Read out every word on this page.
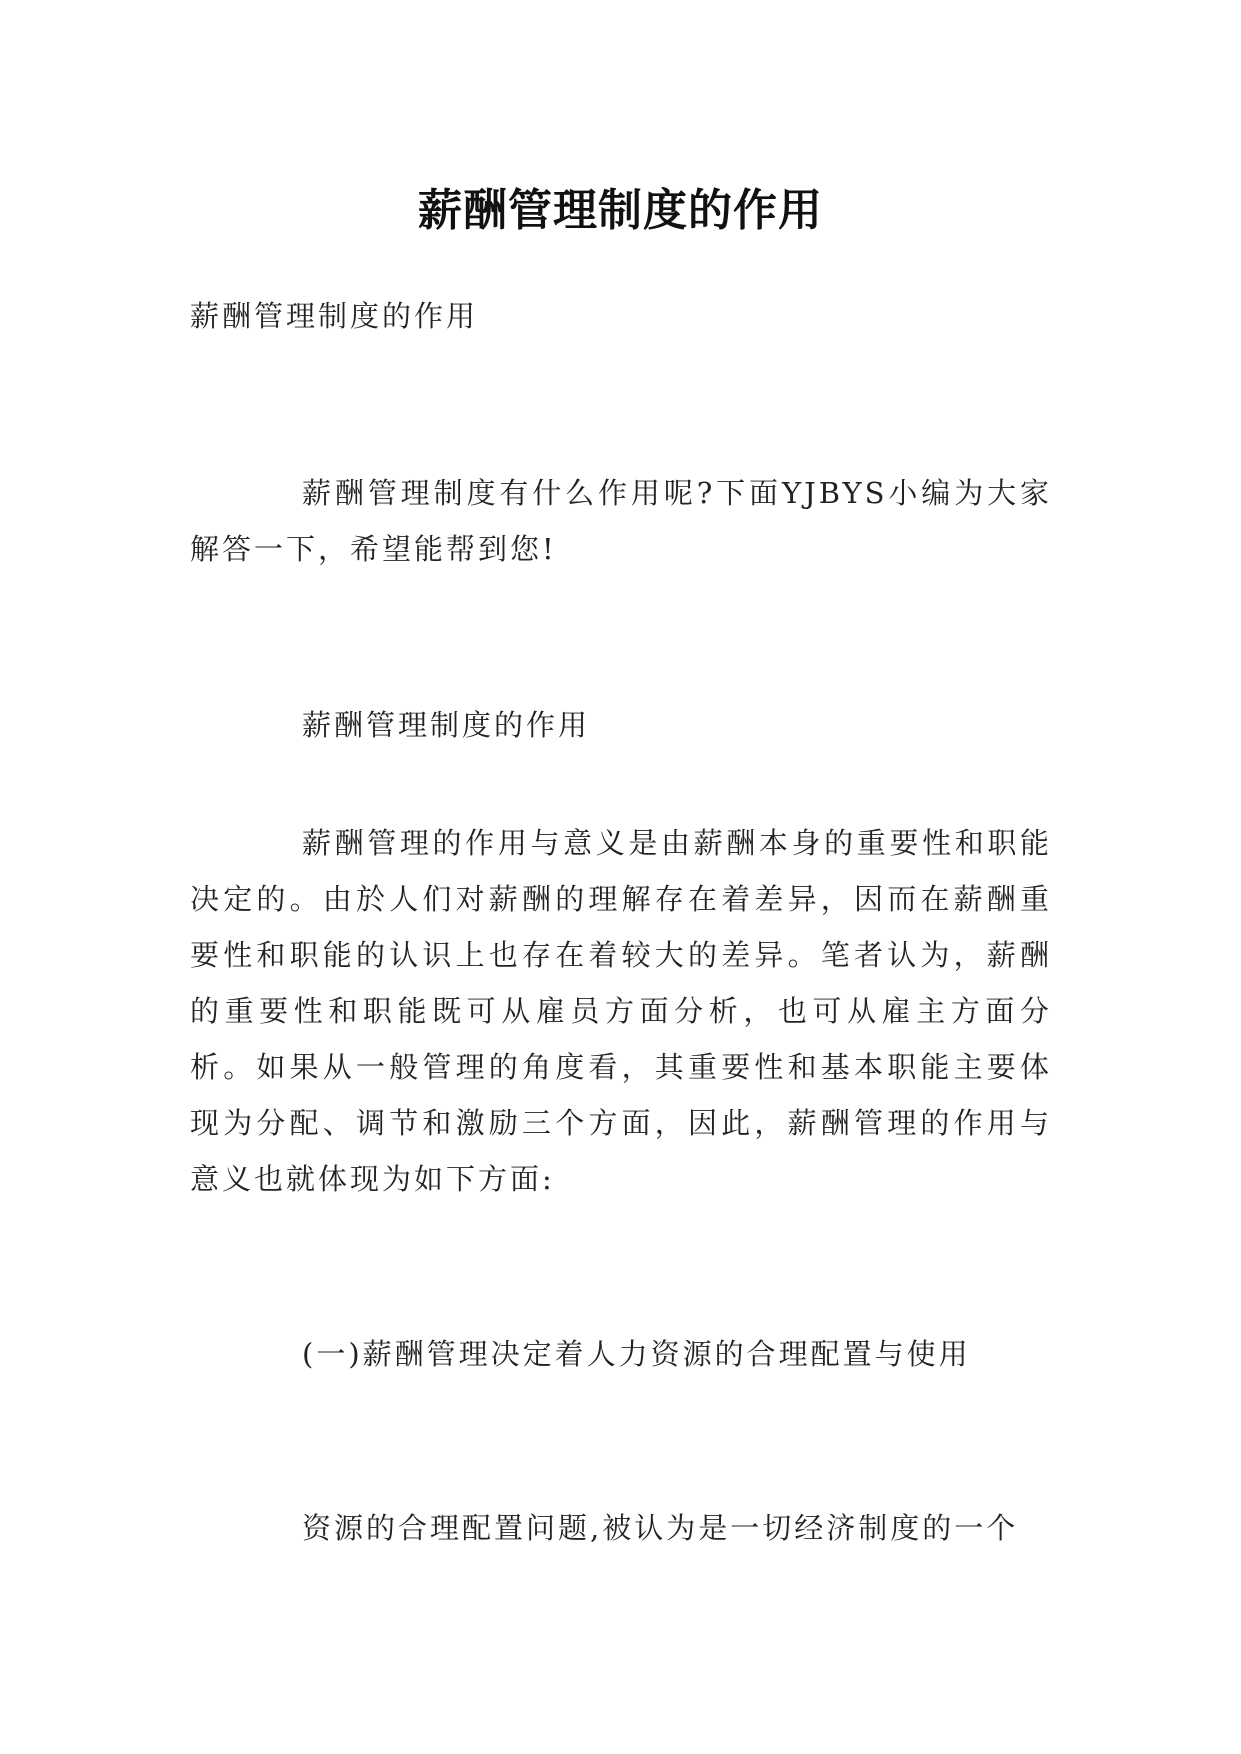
薪酬管理制度的作用

薪酬管理制度的作用

薪酬管理制度有什么作用呢?下面YJBYS小编为大家解答一下，希望能帮到您!

薪酬管理制度的作用

薪酬管理的作用与意义是由薪酬本身的重要性和职能决定的。由於人们对薪酬的理解存在着差异，因而在薪酬重要性和职能的认识上也存在着较大的差异。笔者认为，薪酬的重要性和职能既可从雇员方面分析，也可从雇主方面分析。如果从一般管理的角度看，其重要性和基本职能主要体现为分配、调节和激励三个方面，因此，薪酬管理的作用与意义也就体现为如下方面:

(一)薪酬管理决定着人力资源的合理配置与使用

资源的合理配置问题,被认为是一切经济制度的一个
